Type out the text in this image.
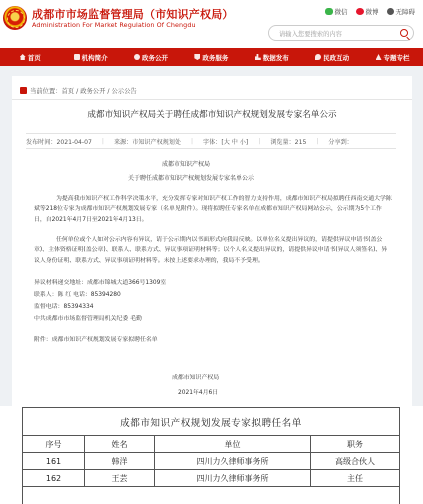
成都市市场监督管理局（市知识产权局）
Administration For Market Regulation Of Chengdu
微信	微博	无障碍
请输入您要搜索的内容
首页	机构简介	政务公开	政务服务	数据发布	民政互动	专题专栏
当前位置：首页 / 政务公开 / 公示公告
成都市知识产权局关于聘任成都市知识产权规划发展专家名单公示
发布时间：2021-04-07 | 来源：市知识产权规划处 | 字体：[大 中 小] | 浏览量：215 | 分享到：
成都市知识产权局
关于聘任成都市知识产权规划发展专家名单公示

为提高我市知识产权工作科学决策水平，充分发挥专家对知识产权工作的智力支持作用，成都市知识产权局拟聘任西南交通大学陈斌等218位专家为成都市知识产权规划发展专家（名单见附件）。现将拟聘任专家名单在成都市知识产权局网站公示，公示期为5个工作日，自2021年4月7日至2021年4月13日。

任何单位或个人如对公示内容有异议，请于公示期内以书面形式向我局反映。以单位名义提出异议的，请提供异议申请书(盖公章)、主体资格证明(盖公章)、联系人、联系方式、异议事项证明材料等；以个人名义提出异议的，请提供异议申请书(异议人须签名)、异议人身份证明、联系方式、异议事项证明材料等。未按上述要求办理的，我局不予受理。

异议材料递交地址：成都市锦城大道366号1309室
联系人：陈 红 电话：85394280
监督电话：85394334
中共成都市市场监督管理局机关纪委 毛勤
附件：成都市知识产权规划发展专家拟聘任名单
成都市知识产权局
2021年4月6日
成都市知识产权规划发展专家拟聘任名单
序号	姓名	单位	职务
161	韩洋	四川力久律师事务所	高级合伙人
162	王芸	四川力久律师事务所	主任
